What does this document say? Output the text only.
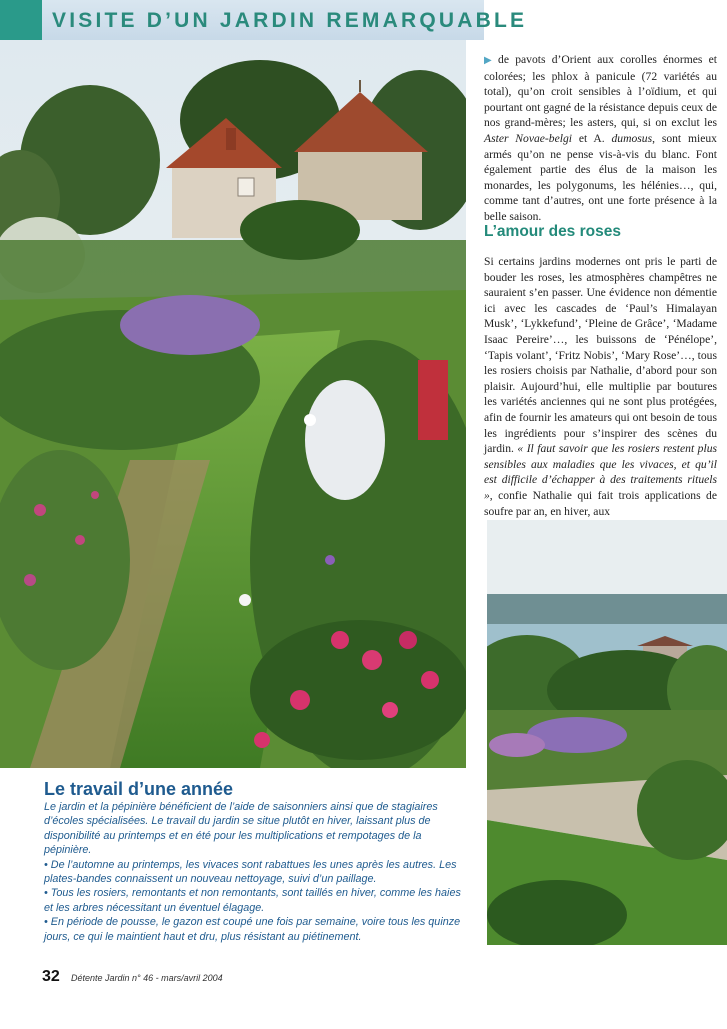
VISITE D’UN JARDIN REMARQUABLE
▶ de pavots d’Orient aux corolles énormes et colorées; les phlox à panicule (72 variétés au total), qu’on croit sensibles à l’oïdium, et qui pourtant ont gagné de la résistance depuis ceux de nos grand-mères; les asters, qui, si on exclut les Aster Novae-belgi et A. dumosus, sont mieux armés qu’on ne pense vis-à-vis du blanc. Font également partie des élus de la maison les monardes, les polygonums, les hélénies…, qui, comme tant d’autres, ont une forte présence à la belle saison.
L’amour des roses
Si certains jardins modernes ont pris le parti de bouder les roses, les atmosphères champêtres ne sauraient s’en passer. Une évidence non démentie ici avec les cascades de ‘Paul’s Himalayan Musk’, ‘Lykkefund’, ‘Pleine de Grâce’, ‘Madame Isaac Pereire’…, les buissons de ‘Pénélope’, ‘Tapis volant’, ‘Fritz Nobis’, ‘Mary Rose’…, tous les rosiers choisis par Nathalie, d’abord pour son plaisir. Aujourd’hui, elle multiplie par boutures les variétés anciennes qui ne sont plus protégées, afin de fournir les amateurs qui ont besoin de tous les ingrédients pour s’inspirer des scènes du jardin. « Il faut savoir que les rosiers restent plus sensibles aux maladies que les vivaces, et qu’il est difficile d’échapper à des traitements rituels », confie Nathalie qui fait trois applications de soufre par an, en hiver, aux
Le travail d’une année

Le jardin et la pépinière bénéficient de l’aide de saisonniers ainsi que de stagiaires d’écoles spécialisées. Le travail du jardin se situe plutôt en hiver, laissant plus de disponibilité au printemps et en été pour les multiplications et rempotages de la pépinière.

• De l’automne au printemps, les vivaces sont rabattues les unes après les autres. Les plates-bandes connaissent un nouveau nettoyage, suivi d’un paillage.

• Tous les rosiers, remontants et non remontants, sont taillés en hiver, comme les haies et les arbres nécessitant un éventuel élagage.

• En période de pousse, le gazon est coupé une fois par semaine, voire tous les quinze jours, ce qui le maintient haut et dru, plus résistant au piétinement.

32 Détente Jardin n° 46 - mars/avril 2004
